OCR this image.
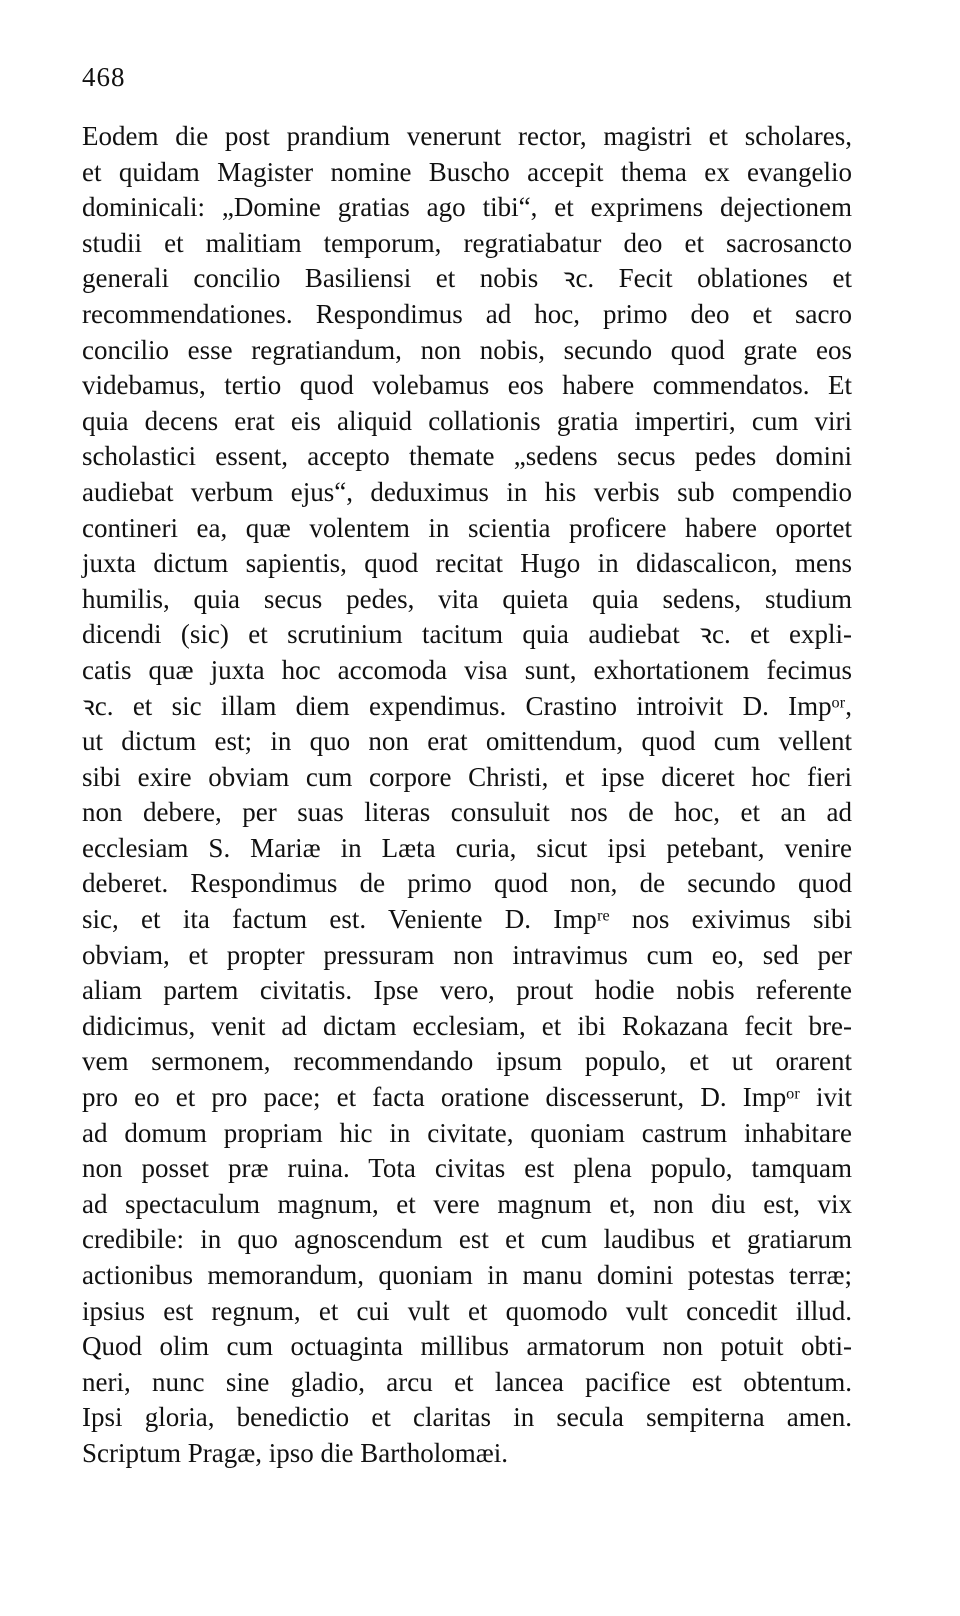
468
Eodem die post prandium venerunt rector, magistri et scholares,
et quidam Magister nomine Buscho accepit thema ex evangelio
dominicali: „Domine gratias ago tibi“, et exprimens dejectionem
studii et malitiam temporum, regratiabatur deo et sacrosancto
generali concilio Basiliensi et nobis ꝛc. Fecit oblationes et
recommendationes. Respondimus ad hoc, primo deo et sacro
concilio esse regratiandum, non nobis, secundo quod grate eos
videbamus, tertio quod volebamus eos habere commendatos. Et
quia decens erat eis aliquid collationis gratia impertiri, cum viri
scholastici essent, accepto themate „sedens secus pedes domini
audiebat verbum ejus“, deduximus in his verbis sub compendio
contineri ea, quæ volentem in scientia proficere habere oportet
juxta dictum sapientis, quod recitat Hugo in didascalicon, mens
humilis, quia secus pedes, vita quieta quia sedens, studium
dicendi (sic) et scrutinium tacitum quia audiebat ꝛc. et expli-
catis quæ juxta hoc accomoda visa sunt, exhortationem fecimus
ꝛc. et sic illam diem expendimus. Crastino introivit D. Impᵒʳ,
ut dictum est; in quo non erat omittendum, quod cum vellent
sibi exire obviam cum corpore Christi, et ipse diceret hoc fieri
non debere, per suas literas consuluit nos de hoc, et an ad
ecclesiam S. Mariæ in Læta curia, sicut ipsi petebant, venire
deberet. Respondimus de primo quod non, de secundo quod
sic, et ita factum est. Veniente D. Impʳᵉ nos exivimus sibi
obviam, et propter pressuram non intravimus cum eo, sed per
aliam partem civitatis. Ipse vero, prout hodie nobis referente
didicimus, venit ad dictam ecclesiam, et ibi Rokazana fecit bre-
vem sermonem, recommendando ipsum populo, et ut orarent
pro eo et pro pace; et facta oratione discesserunt, D. Impᵒʳ ivit
ad domum propriam hic in civitate, quoniam castrum inhabitare
non posset præ ruina. Tota civitas est plena populo, tamquam
ad spectaculum magnum, et vere magnum et, non diu est, vix
credibile: in quo agnoscendum est et cum laudibus et gratiarum
actionibus memorandum, quoniam in manu domini potestas terræ;
ipsius est regnum, et cui vult et quomodo vult concedit illud.
Quod olim cum octuaginta millibus armatorum non potuit obti-
neri, nunc sine gladio, arcu et lancea pacifice est obtentum.
Ipsi gloria, benedictio et claritas in secula sempiterna amen.
Scriptum Pragæ, ipso die Bartholomæi.
